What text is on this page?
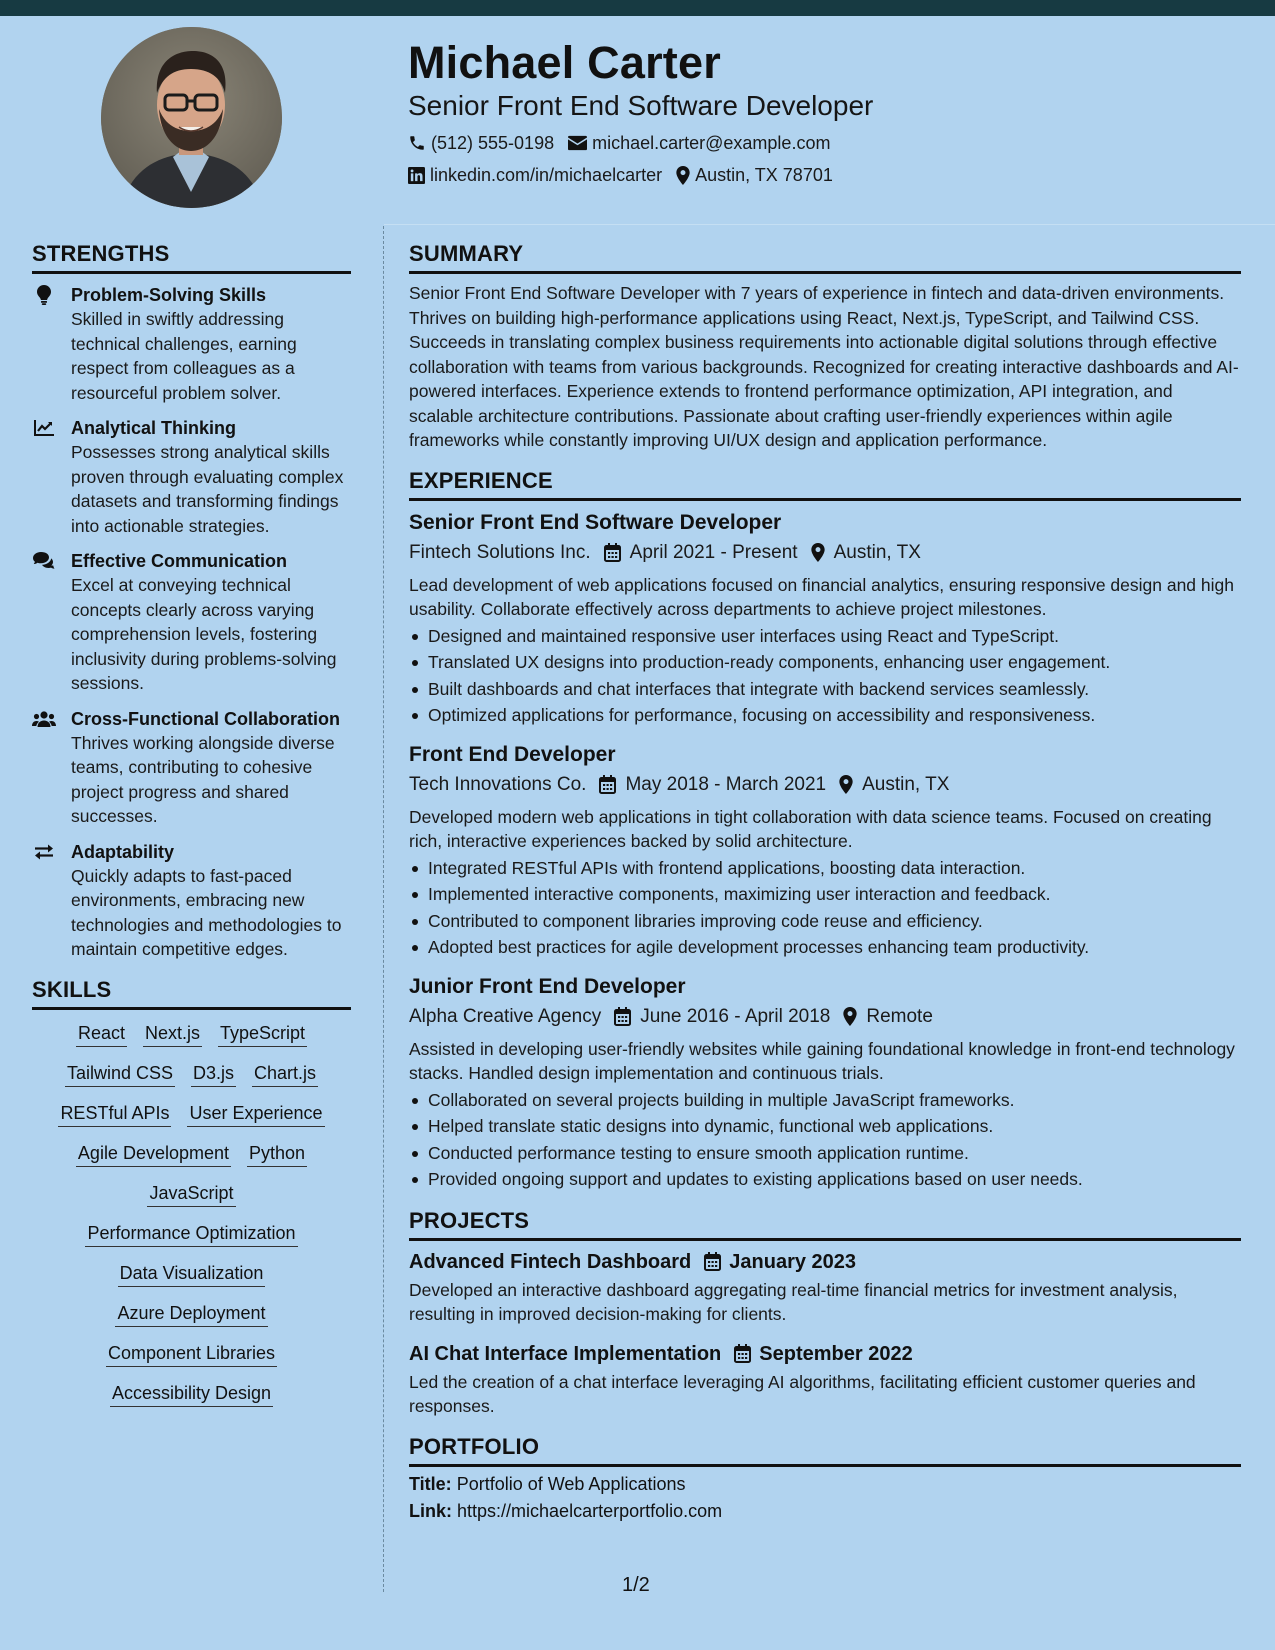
Michael Carter
Senior Front End Software Developer
(512) 555-0198 michael.carter@example.com
linkedin.com/in/michaelcarter Austin, TX 78701
STRENGTHS
Problem-Solving Skills
Skilled in swiftly addressing technical challenges, earning respect from colleagues as a resourceful problem solver.
Analytical Thinking
Possesses strong analytical skills proven through evaluating complex datasets and transforming findings into actionable strategies.
Effective Communication
Excel at conveying technical concepts clearly across varying comprehension levels, fostering inclusivity during problems-solving sessions.
Cross-Functional Collaboration
Thrives working alongside diverse teams, contributing to cohesive project progress and shared successes.
Adaptability
Quickly adapts to fast-paced environments, embracing new technologies and methodologies to maintain competitive edges.
SKILLS
React Next.js TypeScript
Tailwind CSS D3.js Chart.js
RESTful APIs User Experience
Agile Development Python
JavaScript
Performance Optimization
Data Visualization
Azure Deployment
Component Libraries
Accessibility Design
SUMMARY
Senior Front End Software Developer with 7 years of experience in fintech and data-driven environments. Thrives on building high-performance applications using React, Next.js, TypeScript, and Tailwind CSS. Succeeds in translating complex business requirements into actionable digital solutions through effective collaboration with teams from various backgrounds. Recognized for creating interactive dashboards and AI-powered interfaces. Experience extends to frontend performance optimization, API integration, and scalable architecture contributions. Passionate about crafting user-friendly experiences within agile frameworks while constantly improving UI/UX design and application performance.
EXPERIENCE
Senior Front End Software Developer
Fintech Solutions Inc. April 2021 - Present Austin, TX
Lead development of web applications focused on financial analytics, ensuring responsive design and high usability. Collaborate effectively across departments to achieve project milestones.
Designed and maintained responsive user interfaces using React and TypeScript.
Translated UX designs into production-ready components, enhancing user engagement.
Built dashboards and chat interfaces that integrate with backend services seamlessly.
Optimized applications for performance, focusing on accessibility and responsiveness.
Front End Developer
Tech Innovations Co. May 2018 - March 2021 Austin, TX
Developed modern web applications in tight collaboration with data science teams. Focused on creating rich, interactive experiences backed by solid architecture.
Integrated RESTful APIs with frontend applications, boosting data interaction.
Implemented interactive components, maximizing user interaction and feedback.
Contributed to component libraries improving code reuse and efficiency.
Adopted best practices for agile development processes enhancing team productivity.
Junior Front End Developer
Alpha Creative Agency June 2016 - April 2018 Remote
Assisted in developing user-friendly websites while gaining foundational knowledge in front-end technology stacks. Handled design implementation and continuous trials.
Collaborated on several projects building in multiple JavaScript frameworks.
Helped translate static designs into dynamic, functional web applications.
Conducted performance testing to ensure smooth application runtime.
Provided ongoing support and updates to existing applications based on user needs.
PROJECTS
Advanced Fintech Dashboard January 2023
Developed an interactive dashboard aggregating real-time financial metrics for investment analysis, resulting in improved decision-making for clients.
AI Chat Interface Implementation September 2022
Led the creation of a chat interface leveraging AI algorithms, facilitating efficient customer queries and responses.
PORTFOLIO
Title: Portfolio of Web Applications
Link: https://michaelcarterportfolio.com
1/2
